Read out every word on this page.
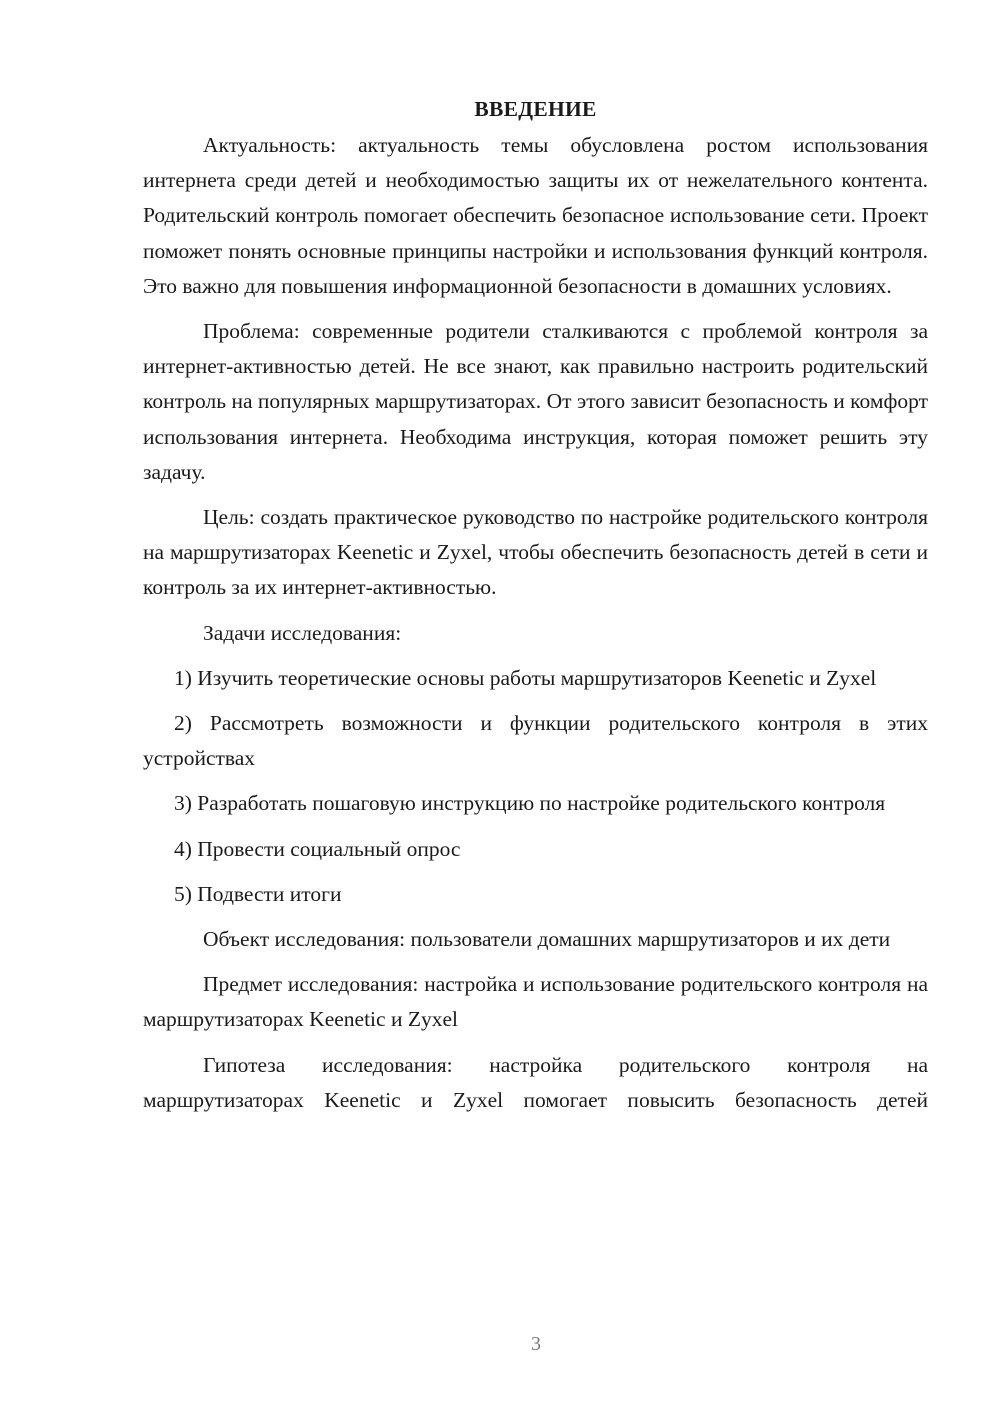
ВВЕДЕНИЕ

Актуальность: актуальность темы обусловлена ростом использования интернета среди детей и необходимостью защиты их от нежелательного контента. Родительский контроль помогает обеспечить безопасное использование сети. Проект поможет понять основные принципы настройки и использования функций контроля. Это важно для повышения информационной безопасности в домашних условиях.

Проблема: современные родители сталкиваются с проблемой контроля за интернет-активностью детей. Не все знают, как правильно настроить родительский контроль на популярных маршрутизаторах. От этого зависит безопасность и комфорт использования интернета. Необходима инструкция, которая поможет решить эту задачу.

Цель: создать практическое руководство по настройке родительского контроля на маршрутизаторах Keenetic и Zyxel, чтобы обеспечить безопасность детей в сети и контроль за их интернет-активностью.

Задачи исследования:

1) Изучить теоретические основы работы маршрутизаторов Keenetic и Zyxel

2) Рассмотреть возможности и функции родительского контроля в этих устройствах

3) Разработать пошаговую инструкцию по настройке родительского контроля

4) Провести социальный опрос

5) Подвести итоги

Объект исследования: пользователи домашних маршрутизаторов и их дети

Предмет исследования: настройка и использование родительского контроля на маршрутизаторах Keenetic и Zyxel

Гипотеза исследования: настройка родительского контроля на маршрутизаторах Keenetic и Zyxel помогает повысить безопасность детей

3
